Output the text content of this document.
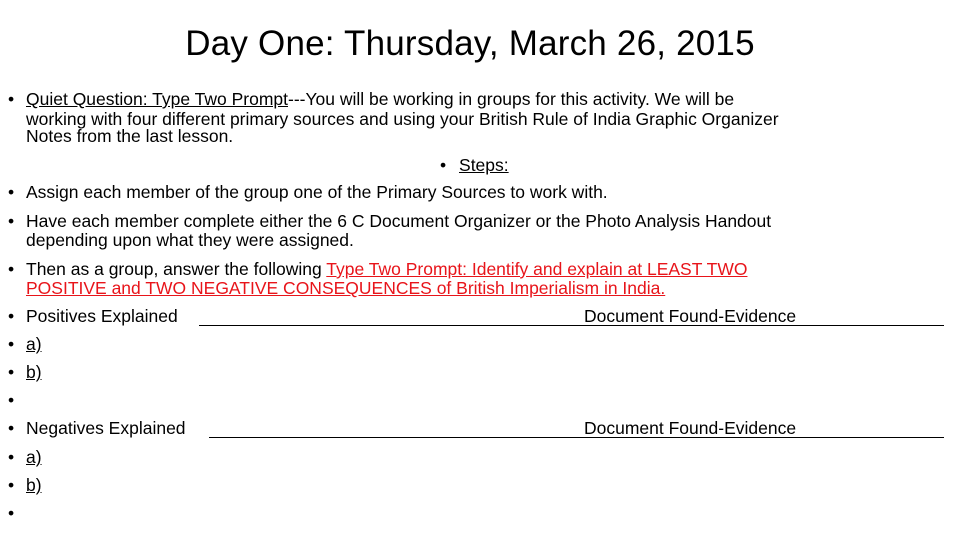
Day One: Thursday, March 26, 2015
• Quiet Question: Type Two Prompt---You will be working in groups for this activity. We will be
working with four different primary sources and using your British Rule of India Graphic Organizer
Notes from the last lesson.
• Steps:
• Assign each member of the group one of the Primary Sources to work with.
• Have each member complete either the 6 C Document Organizer or the Photo Analysis Handout
depending upon what they were assigned.
• Then as a group, answer the following Type Two Prompt: Identify and explain at LEAST TWO
POSITIVE and TWO NEGATIVE CONSEQUENCES of British Imperialism in India.
• Positives Explained	Document Found-Evidence
• a)
• b)
•
• Negatives Explained	Document Found-Evidence
• a)
• b)
•
